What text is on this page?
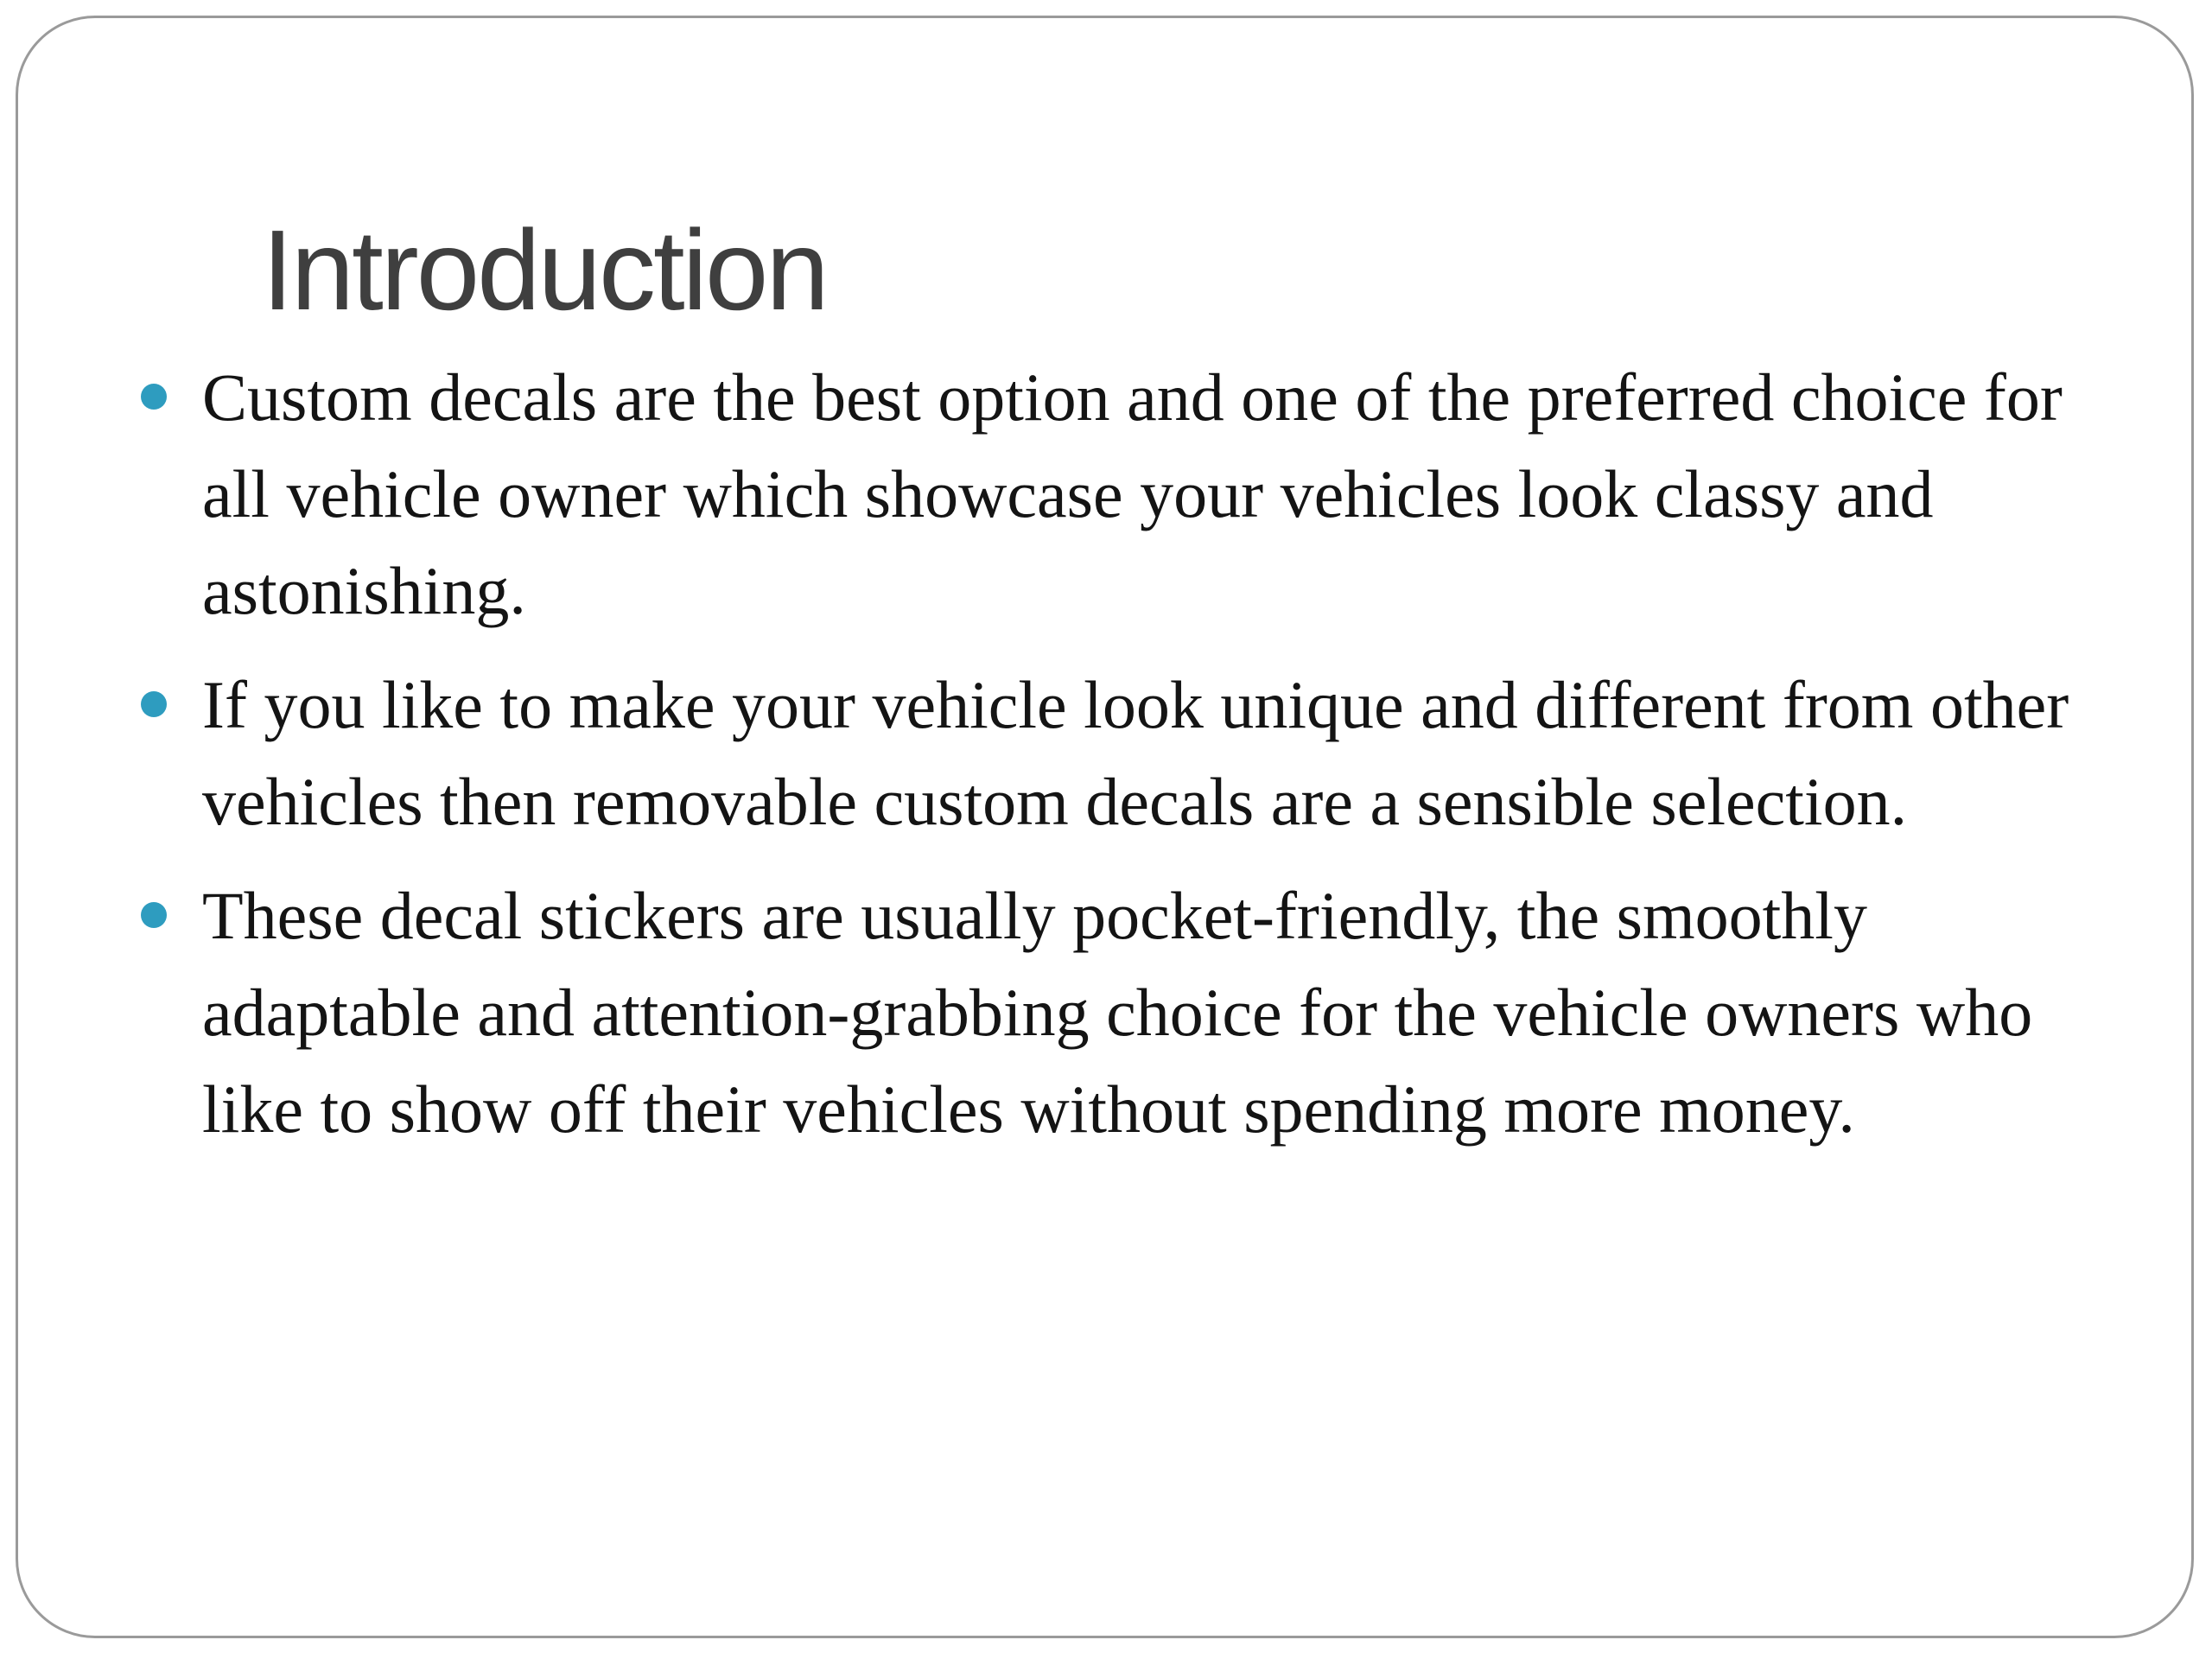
Introduction
Custom decals are the best option and one of the preferred choice for all vehicle owner which showcase your vehicles look classy and astonishing.
If you like to make your vehicle look unique and different from other vehicles then removable custom decals are a sensible selection.
These decal stickers are usually pocket-friendly, the smoothly adaptable and attention-grabbing choice for the vehicle owners who like to show off their vehicles without spending more money.
